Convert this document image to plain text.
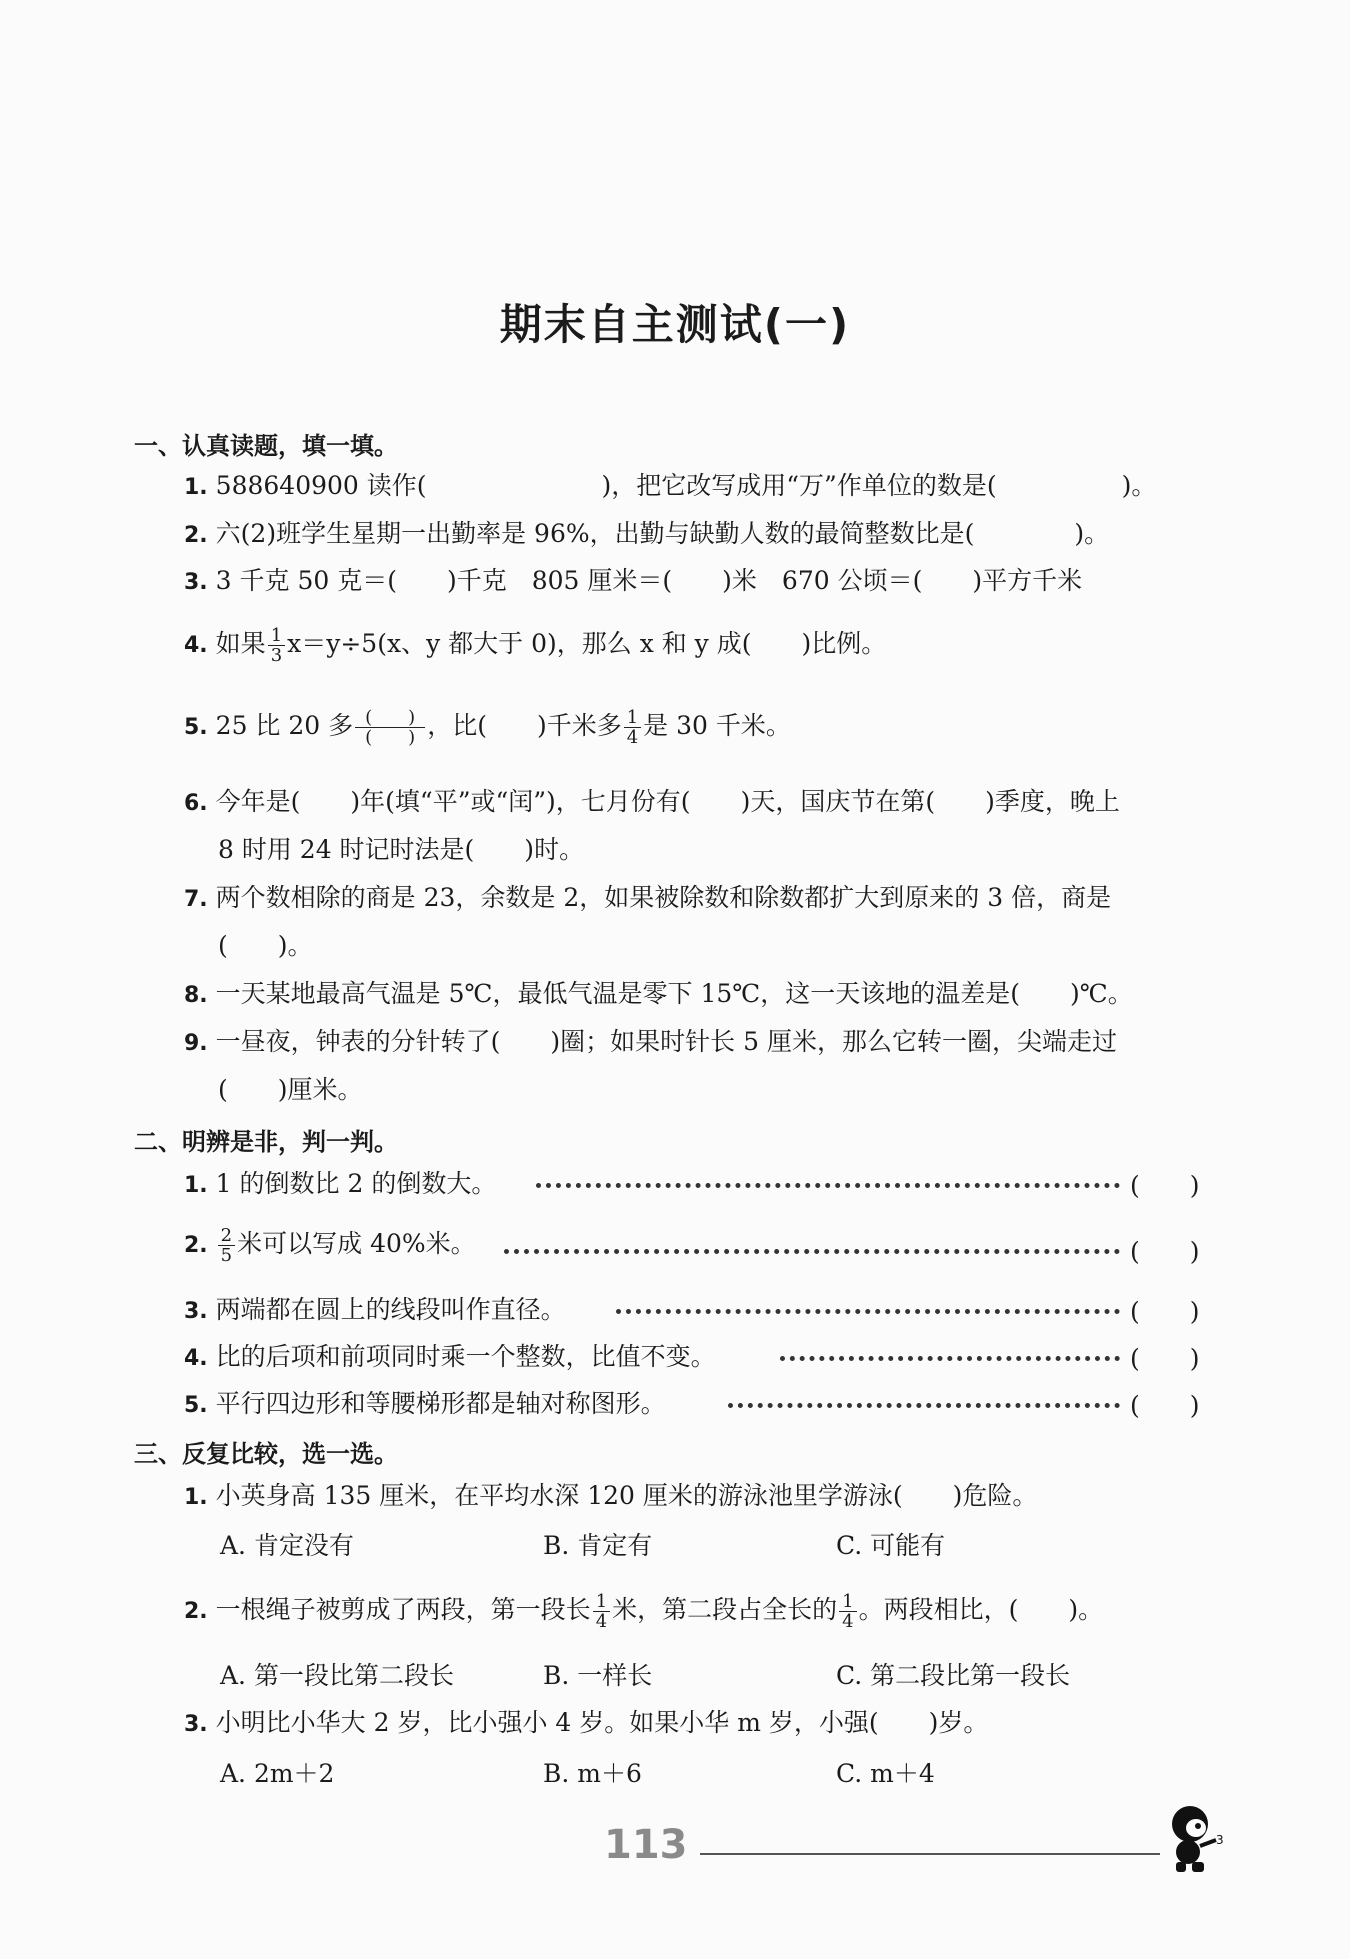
期末自主测试(一)
一、认真读题，填一填。
1. 588640900 读作(　　　　　　　)，把它改写成用“万”作单位的数是(　　　　　)。
2. 六(2)班学生星期一出勤率是 96%，出勤与缺勤人数的最简整数比是(　　　　)。
3. 3 千克 50 克＝(　　)千克　805 厘米＝(　　)米　670 公顷＝(　　)平方千米
4. 如果 $\frac{1}{3} x=y\div 5(x$、y 都大于 0)，那么 x 和 y 成(　　)比例。
5. 25 比 20 多 $\frac{( )}{( )}$ ，比(　　)千米多 $\frac{1}{4}$ 是 30 千米。
6. 今年是(　　)年(填“平”或“闰”)，七月份有(　　)天，国庆节在第(　　)季度，晚上
8 时用 24 时记时法是(　　)时。
7. 两个数相除的商是 23，余数是 2，如果被除数和除数都扩大到原来的 3 倍，商是
(　　)。
8. 一天某地最高气温是 5℃，最低气温是零下 15℃，这一天该地的温差是(　　)℃。
9. 一昼夜，钟表的分针转了(　　)圈；如果时针长 5 厘米，那么它转一圈，尖端走过
(　　)厘米。
二、明辨是非，判一判。
1. 1 的倒数比 2 的倒数大。	(　　)
2. $\frac{2}{5}$ 米可以写成 40%米。	(　　)
3. 两端都在圆上的线段叫作直径。	(　　)
4. 比的后项和前项同时乘一个整数，比值不变。	(　　)
5. 平行四边形和等腰梯形都是轴对称图形。	(　　)
三、反复比较，选一选。
1. 小英身高 135 厘米，在平均水深 120 厘米的游泳池里学游泳(　　)危险。
A. 肯定没有	B. 肯定有	C. 可能有
2. 一根绳子被剪成了两段，第一段长 $\frac{1}{4}$ 米，第二段占全长的 $\frac{1}{4}$ 。两段相比，(　　)。
A. 第一段比第二段长	B. 一样长	C. 第二段比第一段长
3. 小明比小华大 2 岁，比小强小 4 岁。如果小华 m 岁，小强(　　)岁。
A. 2m＋2	B. m＋6	C. m＋4
113	3
